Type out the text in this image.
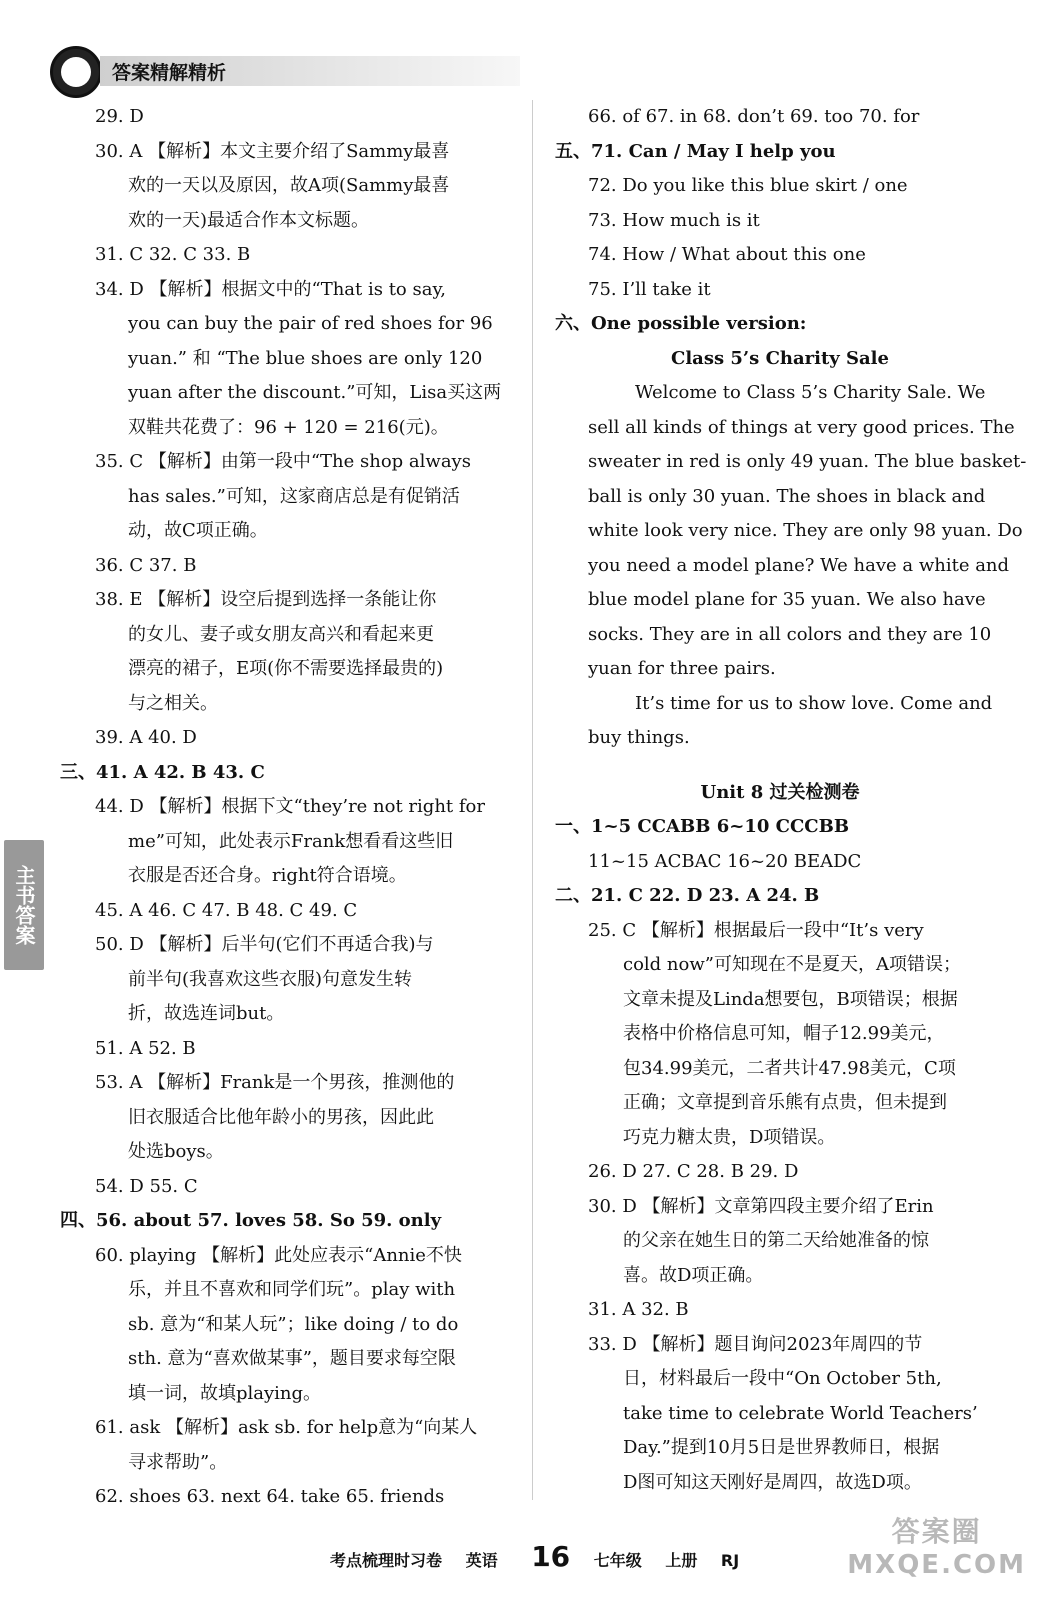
答案精解精析
主书答案
29. D
30. A 【解析】本文主要介绍了Sammy最喜
欢的一天以及原因，故A项(Sammy最喜
欢的一天)最适合作本文标题。
31. C 32. C 33. B
34. D 【解析】根据文中的“That is to say,
you can buy the pair of red shoes for 96
yuan.” 和 “The blue shoes are only 120
yuan after the discount.”可知，Lisa买这两
双鞋共花费了：96 + 120 = 216(元)。
35. C 【解析】由第一段中“The shop always
has sales.”可知，这家商店总是有促销活
动，故C项正确。
36. C 37. B
38. E 【解析】设空后提到选择一条能让你
的女儿、妻子或女朋友高兴和看起来更
漂亮的裙子，E项(你不需要选择最贵的)
与之相关。
39. A 40. D
三、41. A 42. B 43. C
44. D 【解析】根据下文“they’re not right for
me”可知，此处表示Frank想看看这些旧
衣服是否还合身。right符合语境。
45. A 46. C 47. B 48. C 49. C
50. D 【解析】后半句(它们不再适合我)与
前半句(我喜欢这些衣服)句意发生转
折，故选连词but。
51. A 52. B
53. A 【解析】Frank是一个男孩，推测他的
旧衣服适合比他年龄小的男孩，因此此
处选boys。
54. D 55. C
四、56. about 57. loves 58. So 59. only
60. playing 【解析】此处应表示“Annie不快
乐，并且不喜欢和同学们玩”。play with
sb. 意为“和某人玩”；like doing / to do
sth. 意为“喜欢做某事”，题目要求每空限
填一词，故填playing。
61. ask 【解析】ask sb. for help意为“向某人
寻求帮助”。
62. shoes 63. next 64. take 65. friends
66. of 67. in 68. don’t 69. too 70. for
五、71. Can / May I help you
72. Do you like this blue skirt / one
73. How much is it
74. How / What about this one
75. I’ll take it
六、One possible version:
Class 5’s Charity Sale
Welcome to Class 5’s Charity Sale. We
sell all kinds of things at very good prices. The
sweater in red is only 49 yuan. The blue basket-
ball is only 30 yuan. The shoes in black and
white look very nice. They are only 98 yuan. Do
you need a model plane? We have a white and
blue model plane for 35 yuan. We also have
socks. They are in all colors and they are 10
yuan for three pairs.
It’s time for us to show love. Come and
buy things.
Unit 8 过关检测卷
一、1~5 CCABB 6~10 CCCBB
11~15 ACBAC 16~20 BEADC
二、21. C 22. D 23. A 24. B
25. C 【解析】根据最后一段中“It’s very
cold now”可知现在不是夏天，A项错误；
文章未提及Linda想要包，B项错误；根据
表格中价格信息可知，帽子12.99美元，
包34.99美元，二者共计47.98美元，C项
正确；文章提到音乐熊有点贵，但未提到
巧克力糖太贵，D项错误。
26. D 27. C 28. B 29. D
30. D 【解析】文章第四段主要介绍了Erin
的父亲在她生日的第二天给她准备的惊
喜。故D项正确。
31. A 32. B
33. D 【解析】题目询问2023年周四的节
日，材料最后一段中“On October 5th,
take time to celebrate World Teachers’
Day.”提到10月5日是世界教师日，根据
D图可知这天刚好是周四，故选D项。
考点梳理时习卷 英语 16 七年级 上册 RJ
答案圈
MXQE.COM
